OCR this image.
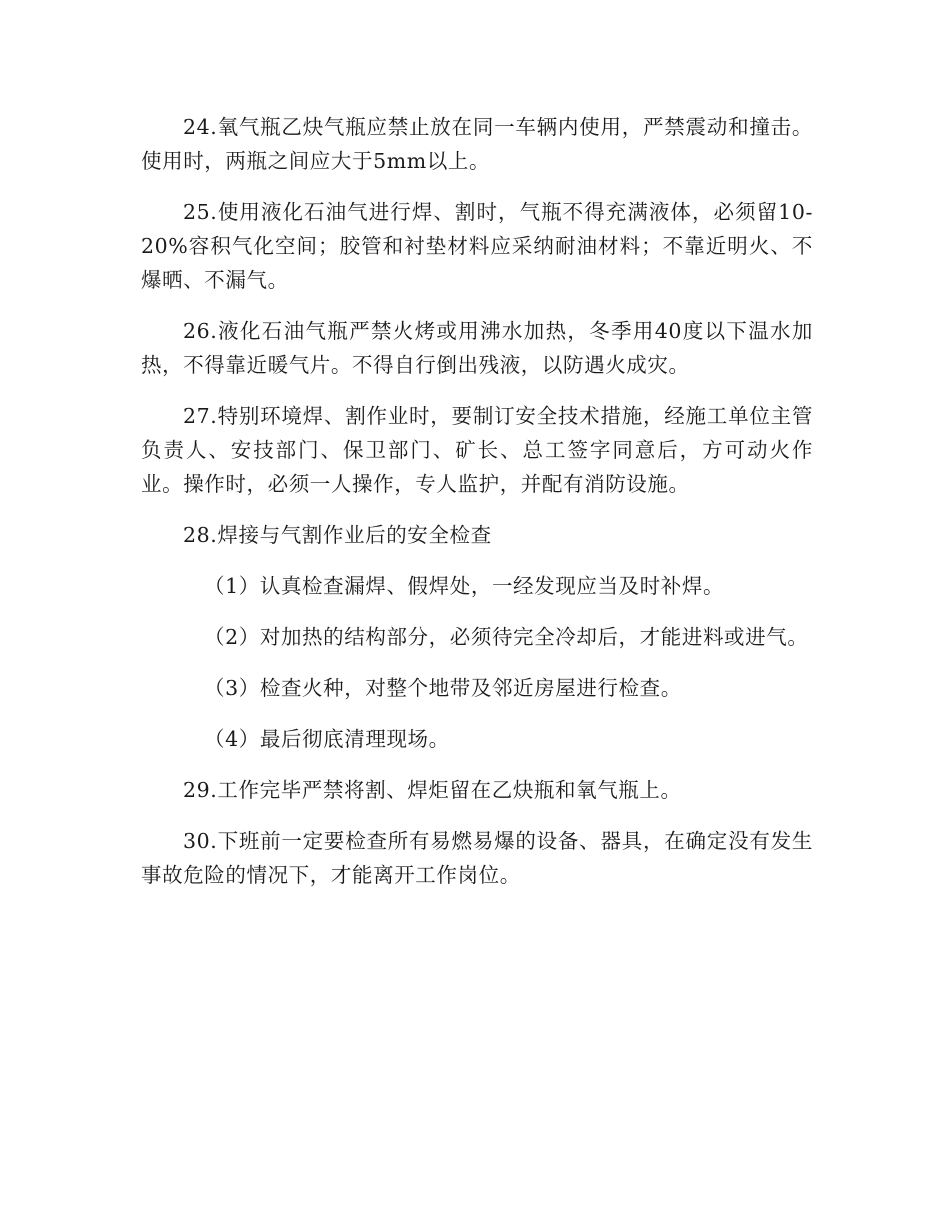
24.氧气瓶乙炔气瓶应禁止放在同一车辆内使用，严禁震动和撞击。使用时，两瓶之间应大于5mm以上。

25.使用液化石油气进行焊、割时，气瓶不得充满液体，必须留10-20%容积气化空间；胶管和衬垫材料应采纳耐油材料；不靠近明火、不爆晒、不漏气。

26.液化石油气瓶严禁火烤或用沸水加热，冬季用40度以下温水加热，不得靠近暖气片。不得自行倒出残液，以防遇火成灾。

27.特别环境焊、割作业时，要制订安全技术措施，经施工单位主管负责人、安技部门、保卫部门、矿长、总工签字同意后，方可动火作业。操作时，必须一人操作，专人监护，并配有消防设施。

28.焊接与气割作业后的安全检查

（1）认真检查漏焊、假焊处，一经发现应当及时补焊。

（2）对加热的结构部分，必须待完全冷却后，才能进料或进气。

（3）检查火种，对整个地带及邻近房屋进行检查。

（4）最后彻底清理现场。

29.工作完毕严禁将割、焊炬留在乙炔瓶和氧气瓶上。

30.下班前一定要检查所有易燃易爆的设备、器具，在确定没有发生事故危险的情况下，才能离开工作岗位。
